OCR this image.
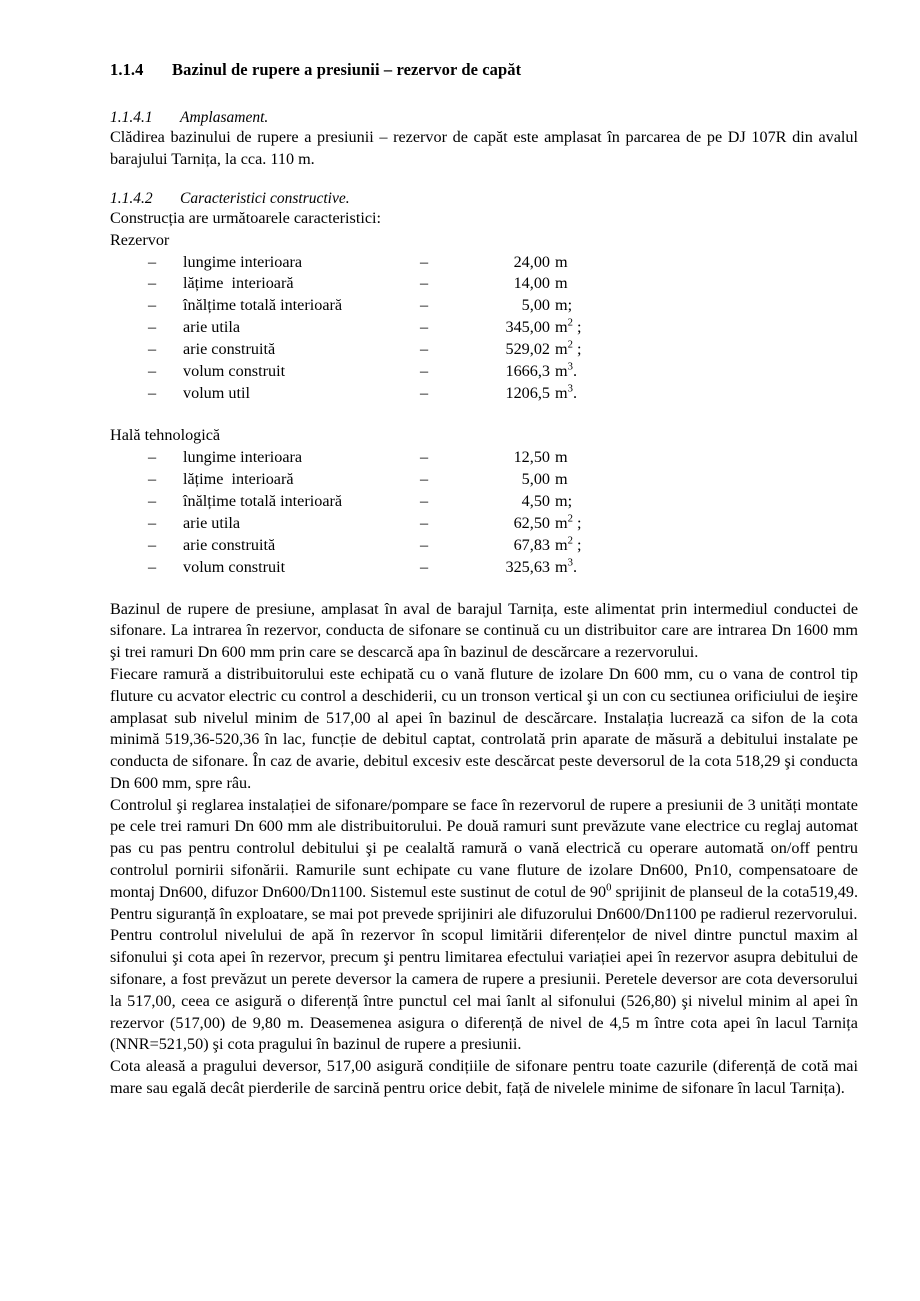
1.1.4	Bazinul de rupere a presiunii – rezervor de capăt
1.1.4.1	Amplasament.

Clădirea bazinului de rupere a presiunii – rezervor de capăt este amplasat în parcarea de pe DJ 107R din avalul barajului Tarnița, la cca. 110 m.

1.1.4.2	Caracteristici constructive.

Construcția are următoarele caracteristici:

Rezervor

–	lungime interioara	–	24,00 m
–	lățime  interioară	–	14,00 m
–	înălțime totală interioară	–	5,00 m;
–	arie utila	–	345,00 $m^2$ ;
–	arie construită	–	529,02 $m^2$ ;
–	volum construit	–	1666,3 $m^3$.
–	volum util	–	1206,5 $m^3$.

Hală tehnologică

–	lungime interioara	–	12,50 m
–	lățime  interioară	–	5,00 m
–	înălțime totală interioară	–	4,50 m;
–	arie utila	–	62,50 $m^2$ ;
–	arie construită	–	67,83 $m^2$ ;
–	volum construit	–	325,63 $m^3$.

Bazinul de rupere de presiune, amplasat în aval de barajul Tarnița, este alimentat prin intermediul conductei de sifonare. La intrarea în rezervor, conducta de sifonare se continuă cu un distribuitor care are intrarea Dn 1600 mm şi trei ramuri Dn 600 mm prin care se descarcă apa în bazinul de descărcare a rezervorului.

Fiecare ramură a distribuitorului este echipată cu o vană fluture de izolare Dn 600 mm, cu o vana de control tip fluture cu acvator electric cu control a deschiderii, cu un tronson vertical şi un con cu sectiunea orificiului de ieşire amplasat sub nivelul minim de 517,00 al apei în bazinul de descărcare. Instalația lucrează ca sifon de la cota minimă 519,36-520,36 în lac, funcție de debitul captat, controlată prin aparate de măsură a debitului instalate pe conducta de sifonare. În caz de avarie, debitul excesiv este descărcat peste deversorul de la cota 518,29 şi conducta Dn 600 mm, spre râu.

Controlul şi reglarea instalației de sifonare/pompare se face în rezervorul de rupere a presiunii de 3 unități montate pe cele trei ramuri Dn 600 mm ale distribuitorului. Pe două ramuri sunt prevăzute vane electrice cu reglaj automat pas cu pas pentru controlul debitului şi pe cealaltă ramură o vană electrică cu operare automată on/off pentru controlul pornirii sifonării. Ramurile sunt echipate cu vane fluture de izolare Dn600, Pn10, compensatoare de montaj Dn600, difuzor Dn600/Dn1100. Sistemul este sustinut de cotul de $90^0$ sprijinit de planseul de la cota519,49. Pentru siguranță în exploatare, se mai pot prevede sprijiniri ale difuzorului Dn600/Dn1100 pe radierul rezervorului.

Pentru controlul nivelului de apă în rezervor în scopul limitării diferențelor de nivel dintre punctul maxim al sifonului şi cota apei în rezervor, precum şi pentru limitarea efectului variației apei în rezervor asupra debitului de sifonare, a fost prevăzut un perete deversor la camera de rupere a presiunii. Peretele deversor are cota deversorului la 517,00, ceea ce asigură o diferență între punctul cel mai îanlt al sifonului (526,80) şi nivelul minim al apei în rezervor (517,00) de 9,80 m. Deasemenea asigura o diferență de nivel de 4,5 m între cota apei în lacul Tarnița (NNR=521,50) şi cota pragului în bazinul de rupere a presiunii.

Cota aleasă a pragului deversor, 517,00 asigură condițiile de sifonare pentru toate cazurile (diferență de cotă mai mare sau egală decât pierderile de sarcină pentru orice debit, față de nivelele minime de sifonare în lacul Tarnița).
